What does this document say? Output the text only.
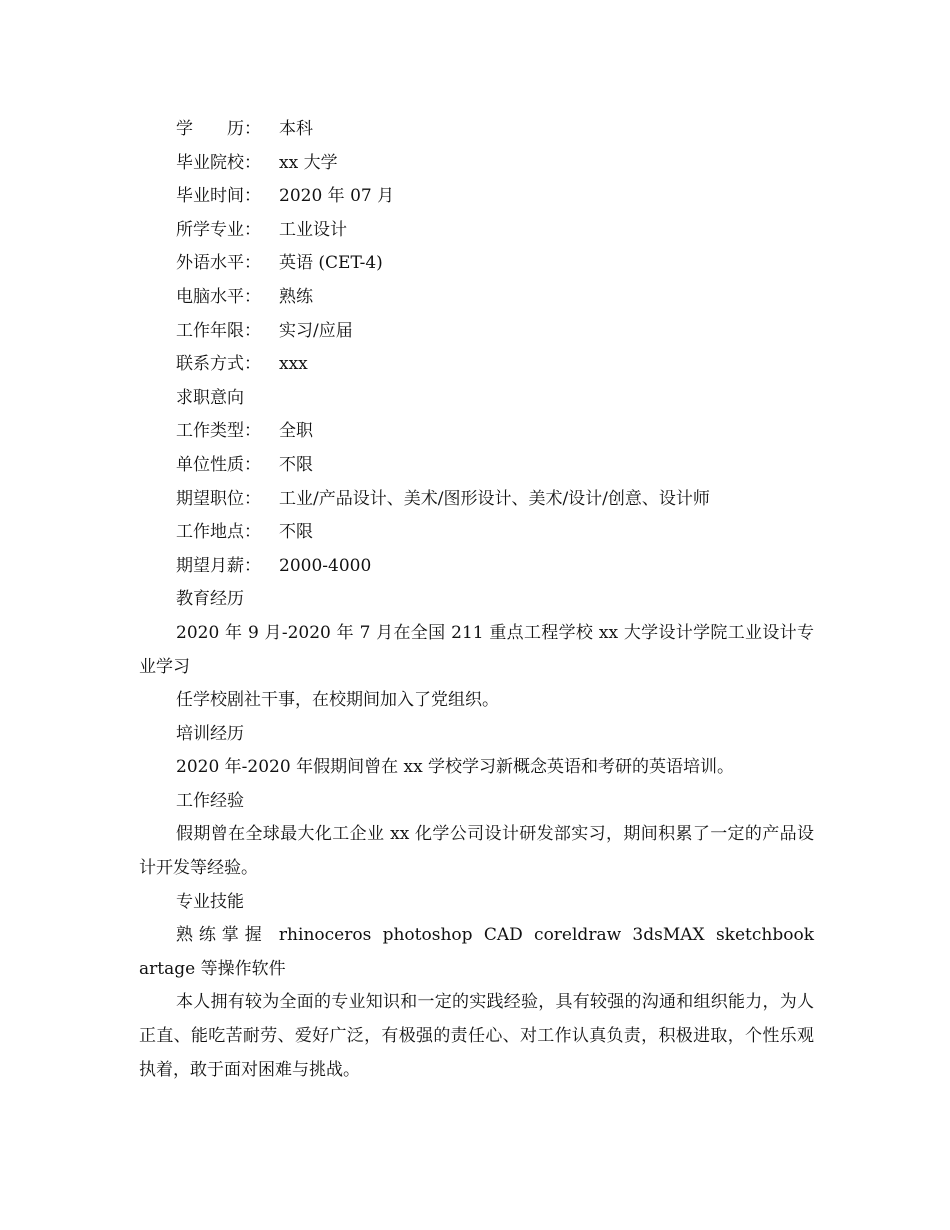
学　　历： 本科
毕业院校： xx 大学
毕业时间： 2020 年 07 月
所学专业： 工业设计
外语水平： 英语 (CET-4)
电脑水平： 熟练
工作年限： 实习/应届
联系方式： xxx
求职意向
工作类型： 全职
单位性质： 不限
期望职位： 工业/产品设计、美术/图形设计、美术/设计/创意、设计师
工作地点： 不限
期望月薪： 2000-4000
教育经历
2020 年 9 月-2020 年 7 月在全国 211 重点工程学校 xx 大学设计学院工业设计专业学习
任学校剧社干事，在校期间加入了党组织。
培训经历
2020 年-2020 年假期间曾在 xx 学校学习新概念英语和考研的英语培训。
工作经验
假期曾在全球最大化工企业 xx 化学公司设计研发部实习，期间积累了一定的产品设计开发等经验。
专业技能
熟练掌握 rhinoceros photoshop CAD coreldraw 3dsMAX sketchbook artage 等操作软件
本人拥有较为全面的专业知识和一定的实践经验，具有较强的沟通和组织能力，为人正直、能吃苦耐劳、爱好广泛，有极强的责任心、对工作认真负责，积极进取，个性乐观执着，敢于面对困难与挑战。
